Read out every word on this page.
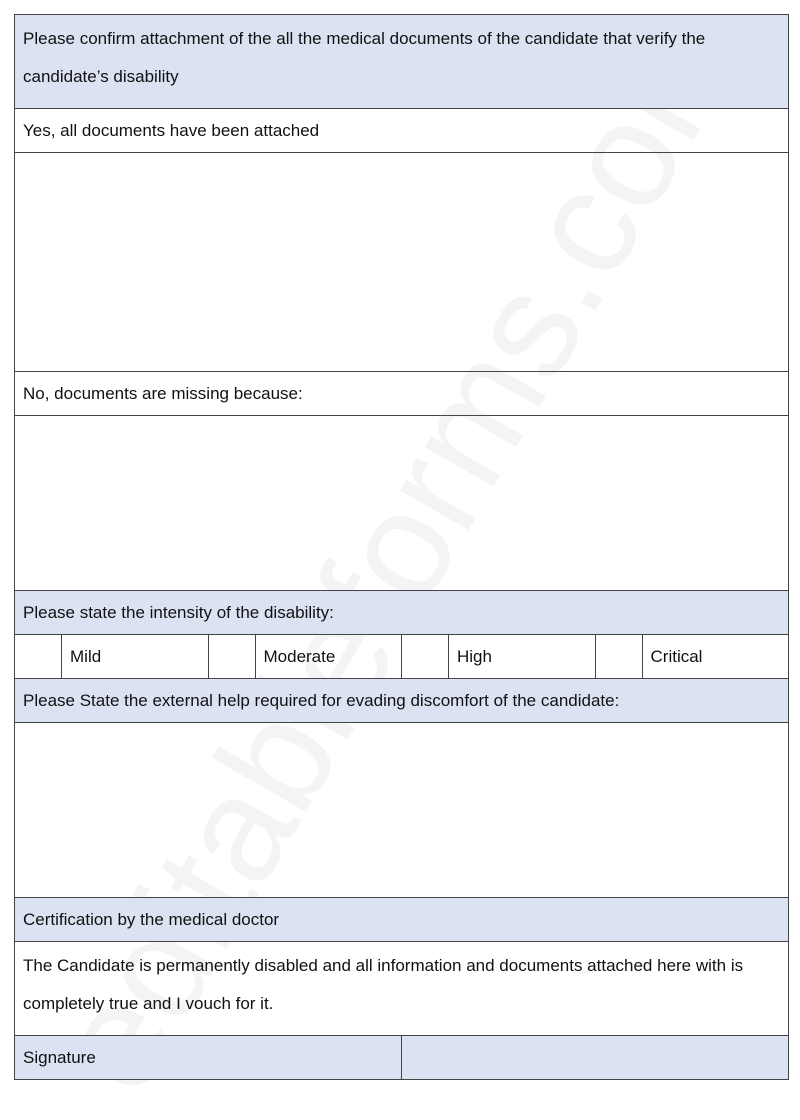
Please confirm attachment of the all the medical documents of the candidate that verify the candidate’s disability
Yes, all documents have been attached
No, documents are missing because:
Please state the intensity of the disability:
Mild	Moderate	High	Critical
Please State the external help required for evading discomfort of the candidate:
Certification by the medical doctor
The Candidate is permanently disabled and all information and documents attached here with is completely true and I vouch for it.
Signature
